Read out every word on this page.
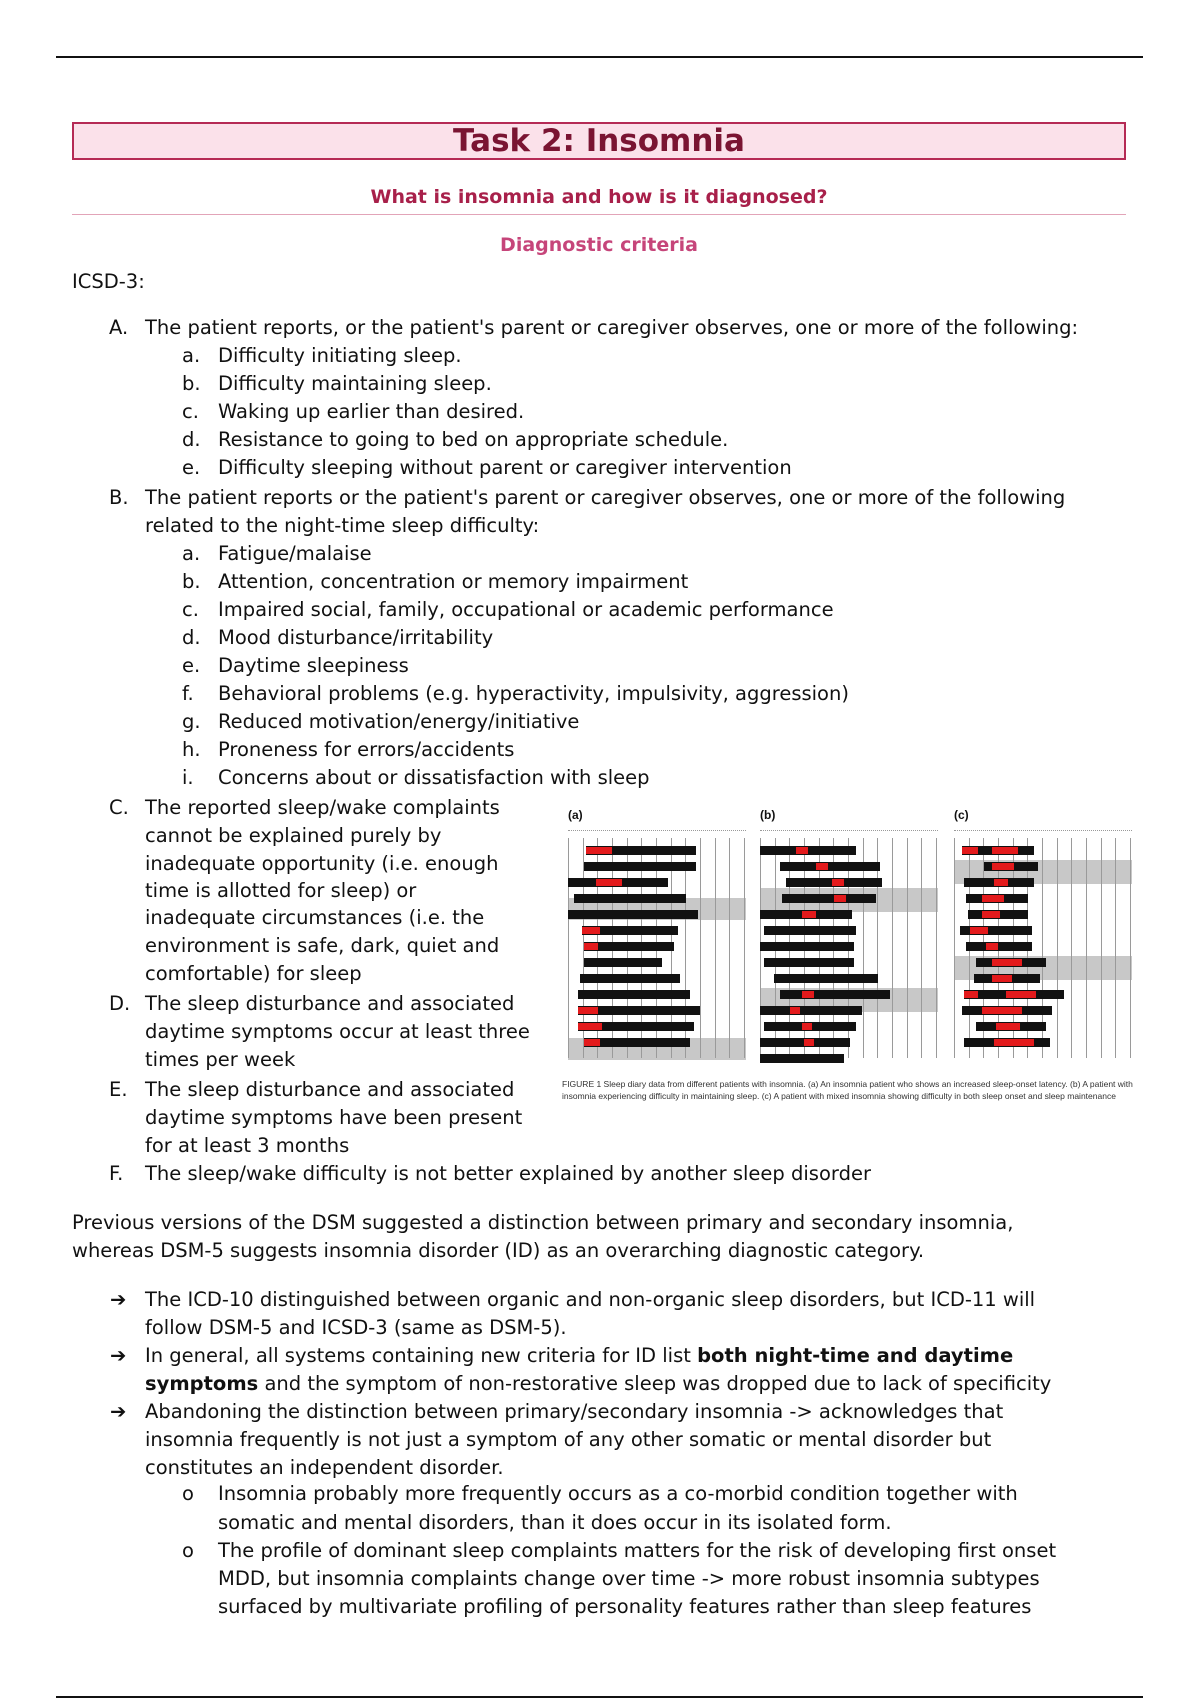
Task 2: Insomnia
What is insomnia and how is it diagnosed?
Diagnostic criteria
ICSD-3:
A. The patient reports, or the patient's parent or caregiver observes, one or more of the following:
a. Difficulty initiating sleep.
b. Difficulty maintaining sleep.
c. Waking up earlier than desired.
d. Resistance to going to bed on appropriate schedule.
e. Difficulty sleeping without parent or caregiver intervention
B. The patient reports or the patient's parent or caregiver observes, one or more of the following
related to the night-time sleep difficulty:
a. Fatigue/malaise
b. Attention, concentration or memory impairment
c. Impaired social, family, occupational or academic performance
d. Mood disturbance/irritability
e. Daytime sleepiness
f. Behavioral problems (e.g. hyperactivity, impulsivity, aggression)
g. Reduced motivation/energy/initiative
h. Proneness for errors/accidents
i. Concerns about or dissatisfaction with sleep
C. The reported sleep/wake complaints
cannot be explained purely by
inadequate opportunity (i.e. enough
time is allotted for sleep) or
inadequate circumstances (i.e. the
environment is safe, dark, quiet and
comfortable) for sleep
D. The sleep disturbance and associated
daytime symptoms occur at least three
times per week
E. The sleep disturbance and associated
daytime symptoms have been present
for at least 3 months
F. The sleep/wake difficulty is not better explained by another sleep disorder
(a)	(b)	(c)
FIGURE 1 Sleep diary data from different patients with insomnia. (a) An insomnia patient who shows an increased sleep-onset latency. (b) A patient with insomnia experiencing difficulty in maintaining sleep. (c) A patient with mixed insomnia showing difficulty in both sleep onset and sleep maintenance
Previous versions of the DSM suggested a distinction between primary and secondary insomnia,
whereas DSM-5 suggests insomnia disorder (ID) as an overarching diagnostic category.
➔ The ICD-10 distinguished between organic and non-organic sleep disorders, but ICD-11 will
follow DSM-5 and ICSD-3 (same as DSM-5).
➔ In general, all systems containing new criteria for ID list both night-time and daytime
symptoms and the symptom of non-restorative sleep was dropped due to lack of specificity
➔ Abandoning the distinction between primary/secondary insomnia -> acknowledges that
insomnia frequently is not just a symptom of any other somatic or mental disorder but
constitutes an independent disorder.
o Insomnia probably more frequently occurs as a co-morbid condition together with
somatic and mental disorders, than it does occur in its isolated form.
o The profile of dominant sleep complaints matters for the risk of developing first onset
MDD, but insomnia complaints change over time -> more robust insomnia subtypes
surfaced by multivariate profiling of personality features rather than sleep features
